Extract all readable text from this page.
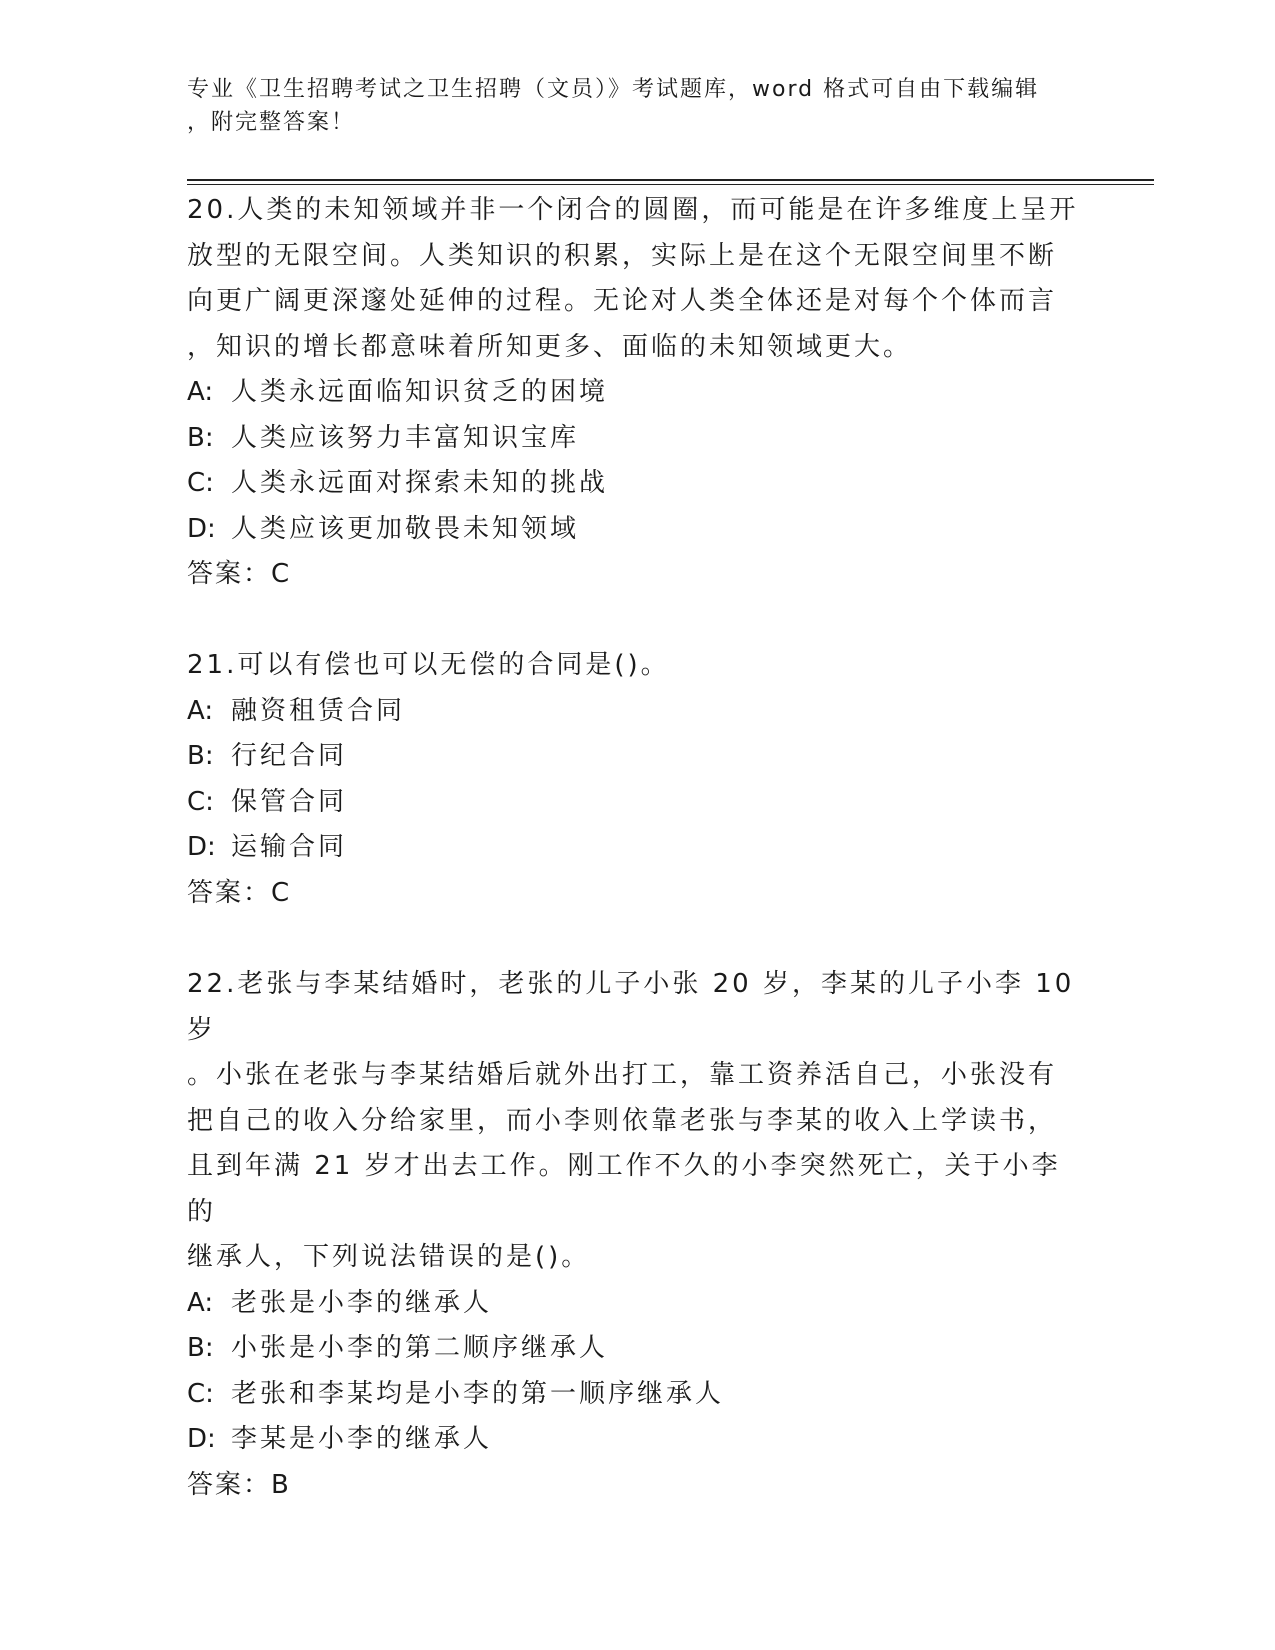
专业《卫生招聘考试之卫生招聘（文员）》考试题库，word 格式可自由下载编辑
，附完整答案！
20.人类的未知领域并非一个闭合的圆圈，而可能是在许多维度上呈开
放型的无限空间。人类知识的积累，实际上是在这个无限空间里不断
向更广阔更深邃处延伸的过程。无论对人类全体还是对每个个体而言
，知识的增长都意味着所知更多、面临的未知领域更大。
A: 人类永远面临知识贫乏的困境
B: 人类应该努力丰富知识宝库
C: 人类永远面对探索未知的挑战
D: 人类应该更加敬畏未知领域
答案：C
21.可以有偿也可以无偿的合同是()。
A: 融资租赁合同
B: 行纪合同
C: 保管合同
D: 运输合同
答案：C
22.老张与李某结婚时，老张的儿子小张 20 岁，李某的儿子小李 10 岁
。小张在老张与李某结婚后就外出打工，靠工资养活自己，小张没有
把自己的收入分给家里，而小李则依靠老张与李某的收入上学读书，
且到年满 21 岁才出去工作。刚工作不久的小李突然死亡，关于小李的
继承人，下列说法错误的是()。
A: 老张是小李的继承人
B: 小张是小李的第二顺序继承人
C: 老张和李某均是小李的第一顺序继承人
D: 李某是小李的继承人
答案：B
